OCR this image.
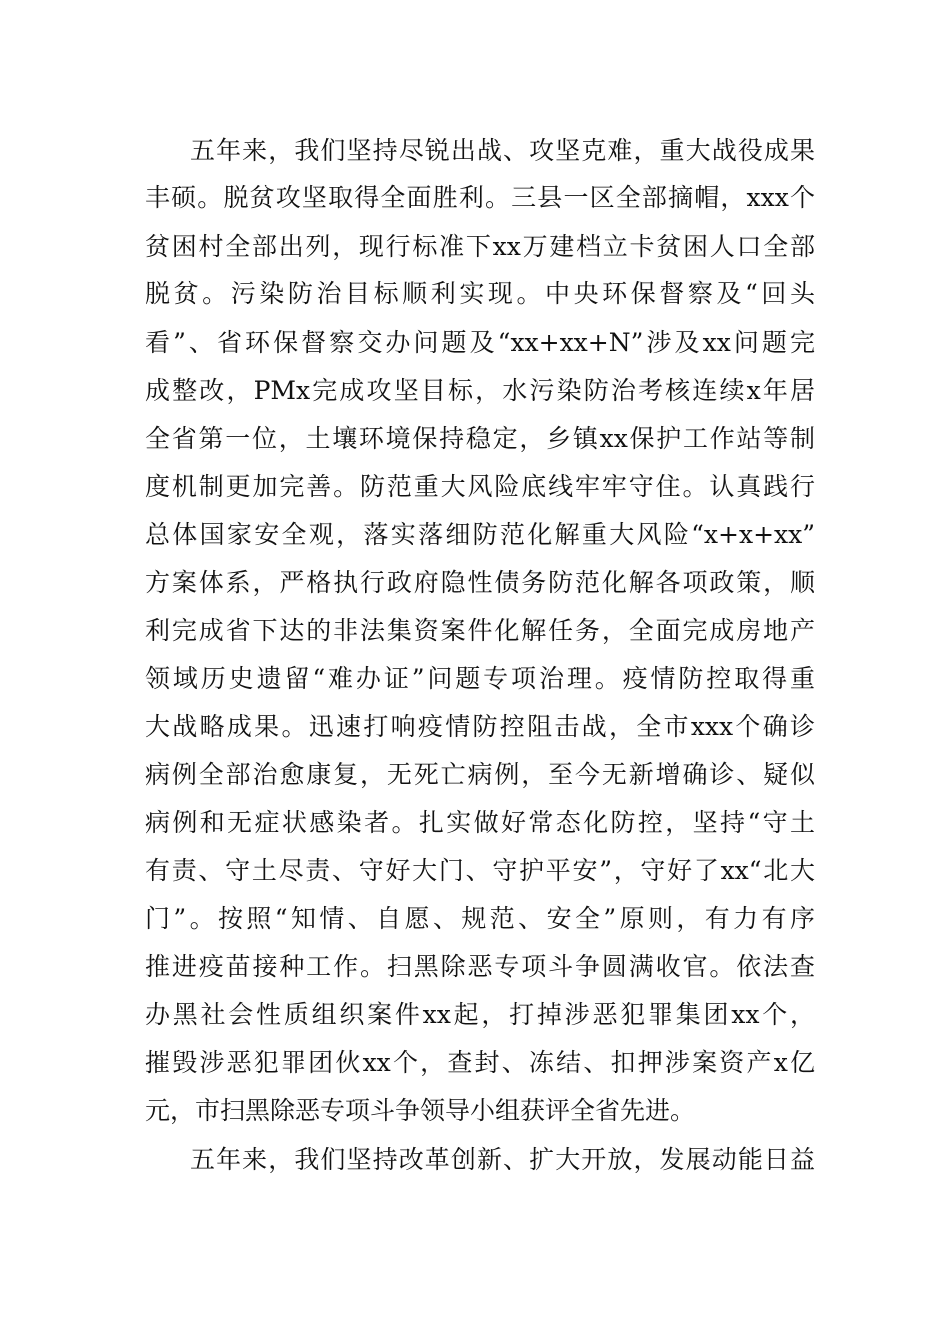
五年来，我们坚持尽锐出战、攻坚克难，重大战役成果
丰硕。脱贫攻坚取得全面胜利。三县一区全部摘帽，xxx个
贫困村全部出列，现行标准下xx万建档立卡贫困人口全部
脱贫。污染防治目标顺利实现。中央环保督察及“回头
看”、省环保督察交办问题及“xx+xx+N”涉及xx问题完
成整改，PMx完成攻坚目标，水污染防治考核连续x年居
全省第一位，土壤环境保持稳定，乡镇xx保护工作站等制
度机制更加完善。防范重大风险底线牢牢守住。认真践行
总体国家安全观，落实落细防范化解重大风险“x+x+xx”
方案体系，严格执行政府隐性债务防范化解各项政策，顺
利完成省下达的非法集资案件化解任务，全面完成房地产
领域历史遗留“难办证”问题专项治理。疫情防控取得重
大战略成果。迅速打响疫情防控阻击战，全市xxx个确诊
病例全部治愈康复，无死亡病例，至今无新增确诊、疑似
病例和无症状感染者。扎实做好常态化防控，坚持“守土
有责、守土尽责、守好大门、守护平安”，守好了xx“北大
门”。按照“知情、自愿、规范、安全”原则，有力有序
推进疫苗接种工作。扫黑除恶专项斗争圆满收官。依法查
办黑社会性质组织案件xx起，打掉涉恶犯罪集团xx个，
摧毁涉恶犯罪团伙xx个，查封、冻结、扣押涉案资产x亿
元，市扫黑除恶专项斗争领导小组获评全省先进。
五年来，我们坚持改革创新、扩大开放，发展动能日益
